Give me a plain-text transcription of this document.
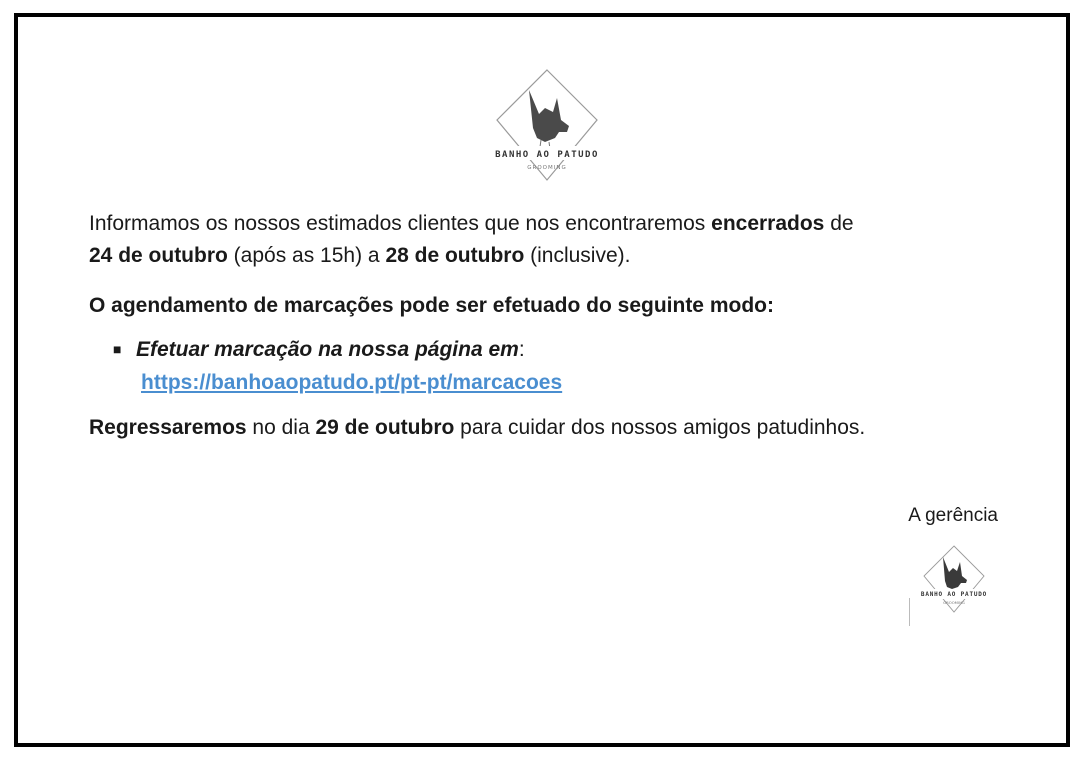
BANHO AO PATUDO
GROOMING
Informamos os nossos estimados clientes que nos encontraremos encerrados de
24 de outubro (após as 15h) a 28 de outubro (inclusive).
O agendamento de marcações pode ser efetuado do seguinte modo:
■ Efetuar marcação na nossa página em:
https://banhoaopatudo.pt/pt-pt/marcacoes
Regressaremos no dia 29 de outubro para cuidar dos nossos amigos patudinhos.
A gerência
BANHO AO PATUDO
GROOMING
